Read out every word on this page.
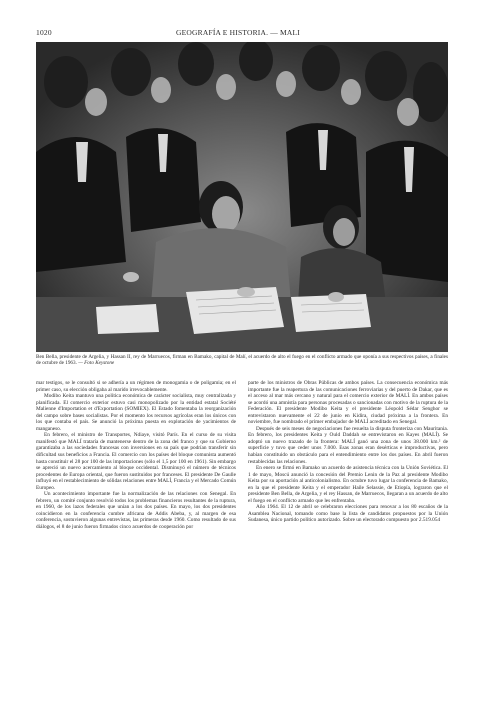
1020	GEOGRAFÍA E HISTORIA. — MALI
Ben Bella, presidente de Argelia, y Hassan II, rey de Marruecos, firman en Bamako, capital de Malí, el acuerdo de alto el fuego en el conflicto armado que oponía a sus respectivos países, a finales de octubre de 1963. — Foto Keystone

mar testigos, se le consultó si se adhería a un régimen de monogamia o de poligamia; en el primer caso, su elección obligaba al marido irrevocablemente.

Modibo Keita mantuvo una política económica de carácter socialista, muy centralizada y planificada. El comercio exterior estuvo casi monopolizado por la entidad estatal Société Malienne d'Importation et d'Exportation (SOMIEX). El Estado fomentaba la reorganización del campo sobre bases socialistas. Por el momento los recursos agrícolas eran los únicos con los que contaba el país. Se anunció la próxima puesta en explotación de yacimientos de manganeso.

En febrero, el ministro de Transportes, Ndiaye, visitó París. En el curso de su visita manifestó que MALÍ trataría de mantenerse dentro de la zona del franco y que su Gobierno garantizaba a las sociedades francesas con inversiones en su país que podrían transferir sin dificultad sus beneficios a Francia. El comercio con los países del bloque comunista aumentó hasta constituir el 28 por 100 de las importaciones (sólo el 1,5 por 100 en 1961). Sin embargo se apreció un nuevo acercamiento al bloque occidental. Disminuyó el número de técnicos procedentes de Europa oriental, que fueron sustituidos por franceses. El presidente De Gaulle influyó en el restablecimiento de sólidas relaciones entre MALÍ, Francia y el Mercado Común Europeo.

Un acontecimiento importante fue la normalización de las relaciones con Senegal. En febrero, un comité conjunto resolvió todos los problemas financieros resultantes de la ruptura, en 1960, de los lazos federales que unían a los dos países. En mayo, los dos presidentes coincidieron en la conferencia cumbre africana de Addis Abeba, y, al margen de esa conferencia, sostuvieron algunas entrevistas, las primeras desde 1960. Como resultado de sus diálogos, el 8 de junio fueron firmados cinco acuerdos de cooperación por

parte de los ministros de Obras Públicas de ambos países. La consecuencia económica más importante fue la reapertura de las comunicaciones ferroviarias y del puerto de Dakar, que es el acceso al mar más cercano y natural para el comercio exterior de MALÍ. En ambos países se acordó una amnistía para personas procesadas o sancionadas con motivo de la ruptura de la Federación. El presidente Modibo Keita y el presidente Léopold Sédar Senghor se entrevistaron nuevamente el 22 de junio en Kidira, ciudad próxima a la frontera. En noviembre, fue nombrado el primer embajador de MALÍ acreditado en Senegal.

Después de seis meses de negociaciones fue resuelta la disputa fronteriza con Mauritania. En febrero, los presidentes Keita y Ould Daddah se entrevistaron en Kayes (MALÍ). Se adoptó un nuevo trazado de la frontera: MALÍ ganó una zona de unos 38.000 km.² de superficie y tuvo que ceder unos 7.000. Esas zonas eran desérticas e improductivas, pero habían constituido un obstáculo para el entendimiento entre los dos países. En abril fueron restablecidas las relaciones.

En enero se firmó en Bamako un acuerdo de asistencia técnica con la Unión Soviética. El 1 de mayo, Moscú anunció la concesión del Premio Lenin de la Paz al presidente Modibo Keita por su aportación al anticolonialismo. En octubre tuvo lugar la conferencia de Bamako, en la que el presidente Keita y el emperador Haile Selassie, de Etiopía, lograron que el presidente Ben Bella, de Argelia, y el rey Hassan, de Marruecos, llegaran a un acuerdo de alto el fuego en el conflicto armado que les enfrentaba.

Año 1964. El 12 de abril se celebraron elecciones para renovar a los 80 escaños de la Asamblea Nacional, tomando como base la lista de candidatos propuestos por la Unión Sudanesa, único partido político autorizado. Sobre un electorado compuesto por 2.519.054
